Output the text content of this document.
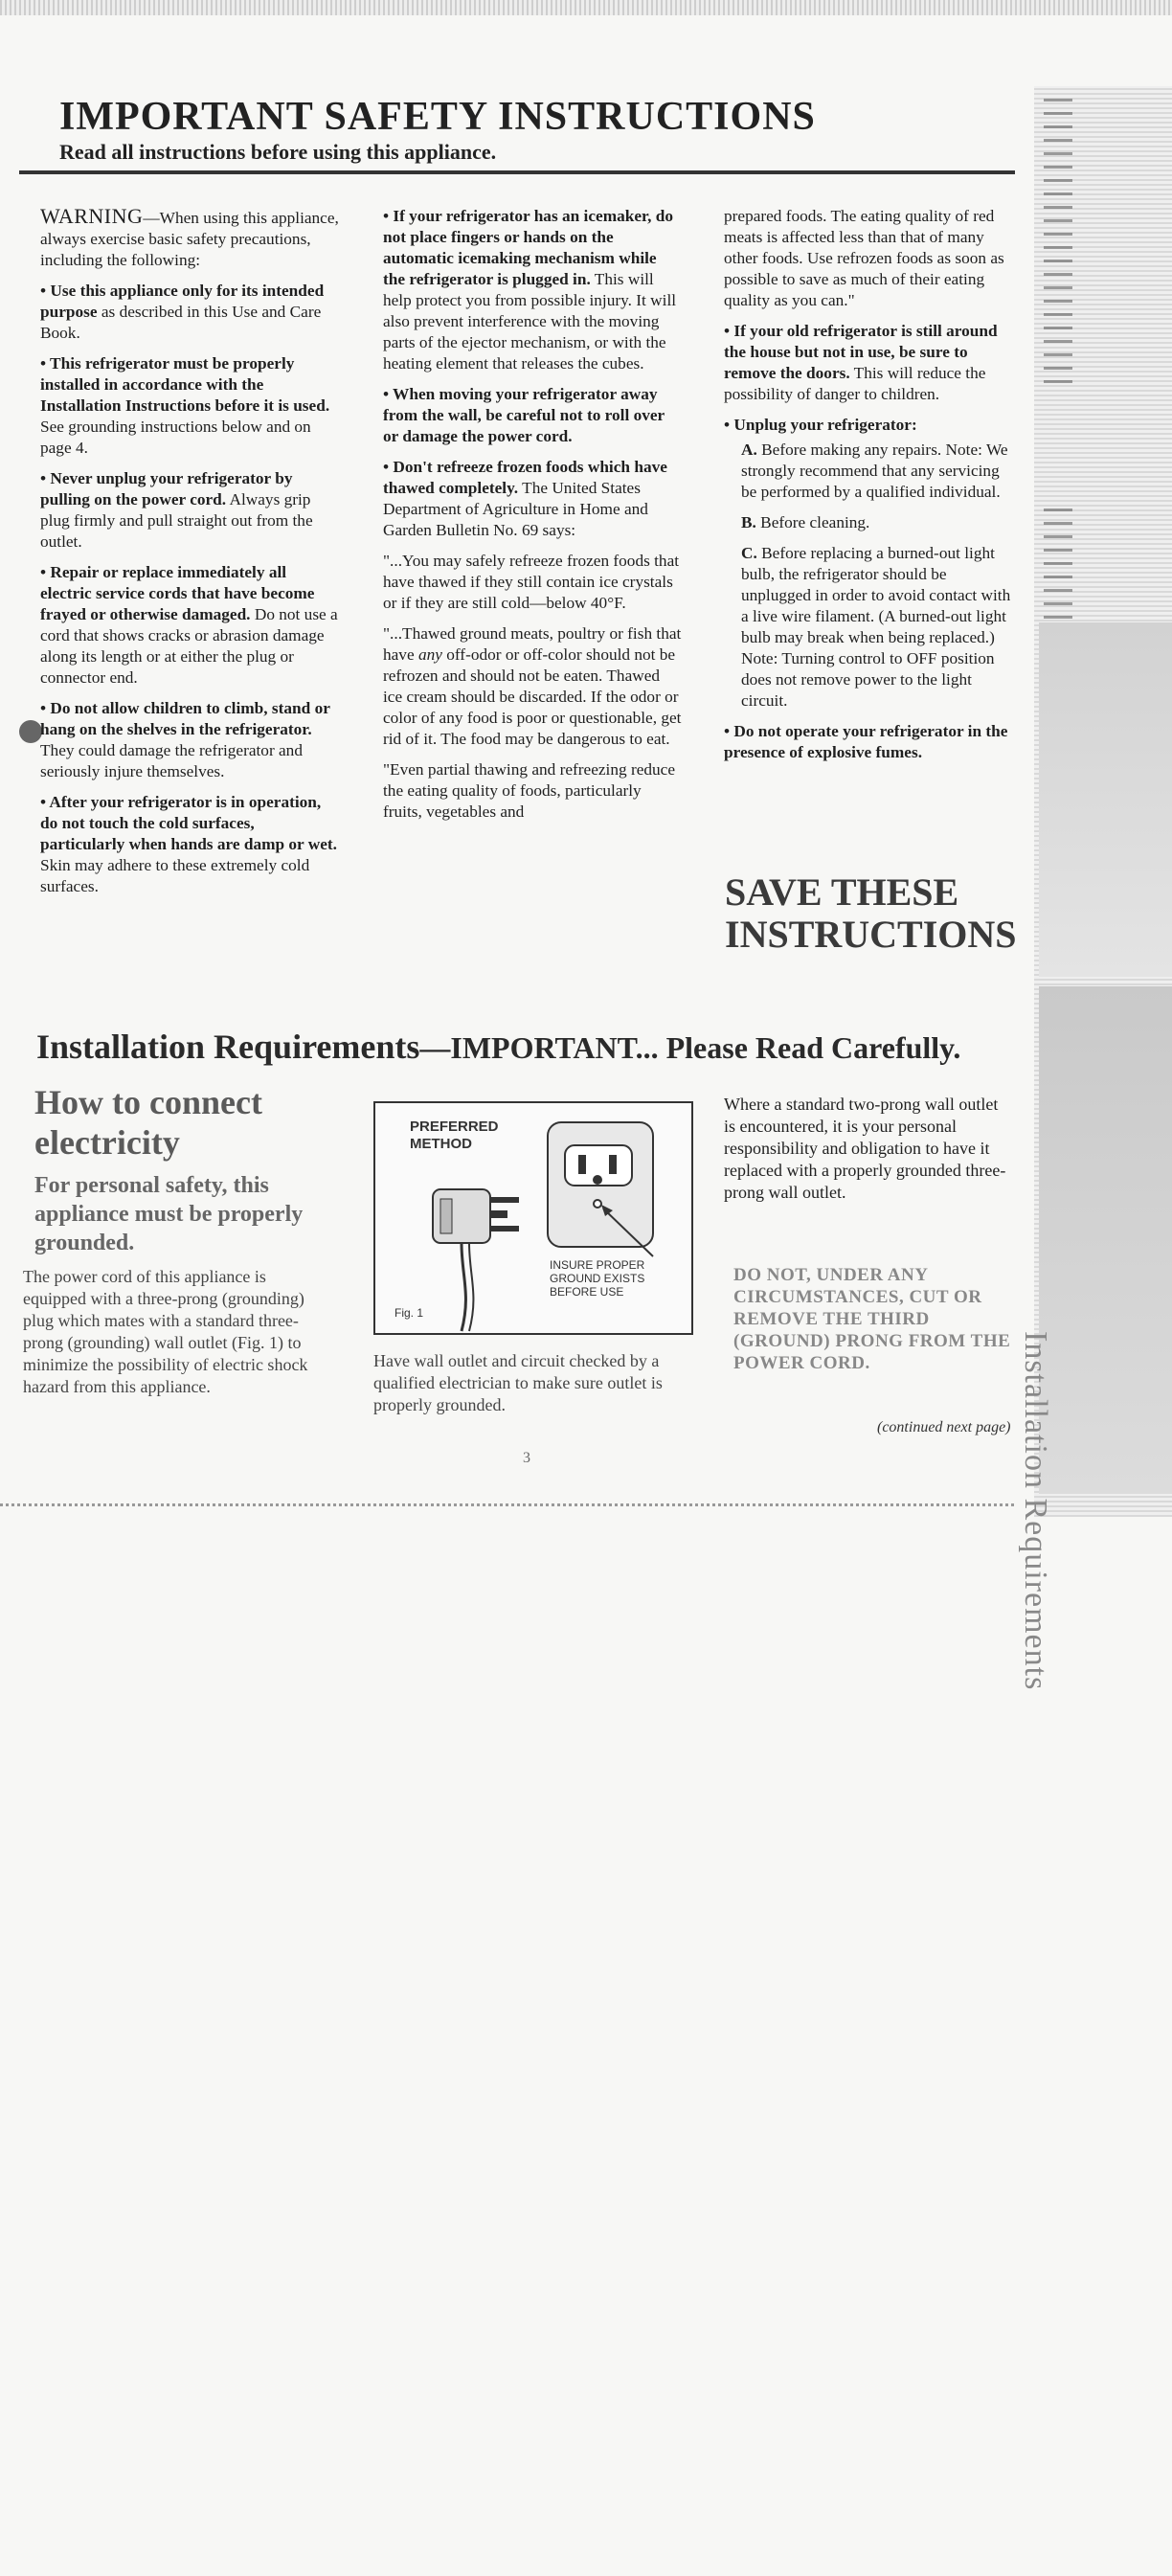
Installation Requirements
IMPORTANT SAFETY INSTRUCTIONS
Read all instructions before using this appliance.

WARNING—When using this appliance, always exercise basic safety precautions, including the following:

• Use this appliance only for its intended purpose as described in this Use and Care Book.

• This refrigerator must be properly installed in accordance with the Installation Instructions before it is used. See grounding instructions below and on page 4.

• Never unplug your refrigerator by pulling on the power cord. Always grip plug firmly and pull straight out from the outlet.

• Repair or replace immediately all electric service cords that have become frayed or otherwise damaged. Do not use a cord that shows cracks or abrasion damage along its length or at either the plug or connector end.

• Do not allow children to climb, stand or hang on the shelves in the refrigerator. They could damage the refrigerator and seriously injure themselves.

• After your refrigerator is in operation, do not touch the cold surfaces, particularly when hands are damp or wet. Skin may adhere to these extremely cold surfaces.

• If your refrigerator has an icemaker, do not place fingers or hands on the automatic icemaking mechanism while the refrigerator is plugged in. This will help protect you from possible injury. It will also prevent interference with the moving parts of the ejector mechanism, or with the heating element that releases the cubes.

• When moving your refrigerator away from the wall, be careful not to roll over or damage the power cord.

• Don't refreeze frozen foods which have thawed completely. The United States Department of Agriculture in Home and Garden Bulletin No. 69 says:

"...You may safely refreeze frozen foods that have thawed if they still contain ice crystals or if they are still cold—below 40°F.

"...Thawed ground meats, poultry or fish that have any off-odor or off-color should not be refrozen and should not be eaten. Thawed ice cream should be discarded. If the odor or color of any food is poor or questionable, get rid of it. The food may be dangerous to eat.

"Even partial thawing and refreezing reduce the eating quality of foods, particularly fruits, vegetables and

prepared foods. The eating quality of red meats is affected less than that of many other foods. Use refrozen foods as soon as possible to save as much of their eating quality as you can."

• If your old refrigerator is still around the house but not in use, be sure to remove the doors. This will reduce the possibility of danger to children.

• Unplug your refrigerator:

A. Before making any repairs. Note: We strongly recommend that any servicing be performed by a qualified individual.

B. Before cleaning.

C. Before replacing a burned-out light bulb, the refrigerator should be unplugged in order to avoid contact with a live wire filament. (A burned-out light bulb may break when being replaced.) Note: Turning control to OFF position does not remove power to the light circuit.

• Do not operate your refrigerator in the presence of explosive fumes.

SAVE THESE INSTRUCTIONS
Installation Requirements—IMPORTANT... Please Read Carefully.
How to connect electricity
For personal safety, this appliance must be properly grounded.

The power cord of this appliance is equipped with a three-prong (grounding) plug which mates with a standard three-prong (grounding) wall outlet (Fig. 1) to minimize the possibility of electric shock hazard from this appliance.

PREFERRED METHOD
INSURE PROPER GROUND EXISTS BEFORE USE
Fig. 1

Have wall outlet and circuit checked by a qualified electrician to make sure outlet is properly grounded.

Where a standard two-prong wall outlet is encountered, it is your personal responsibility and obligation to have it replaced with a properly grounded three-prong wall outlet.

DO NOT, UNDER ANY CIRCUMSTANCES, CUT OR REMOVE THE THIRD (GROUND) PRONG FROM THE POWER CORD.

(continued next page)
3
